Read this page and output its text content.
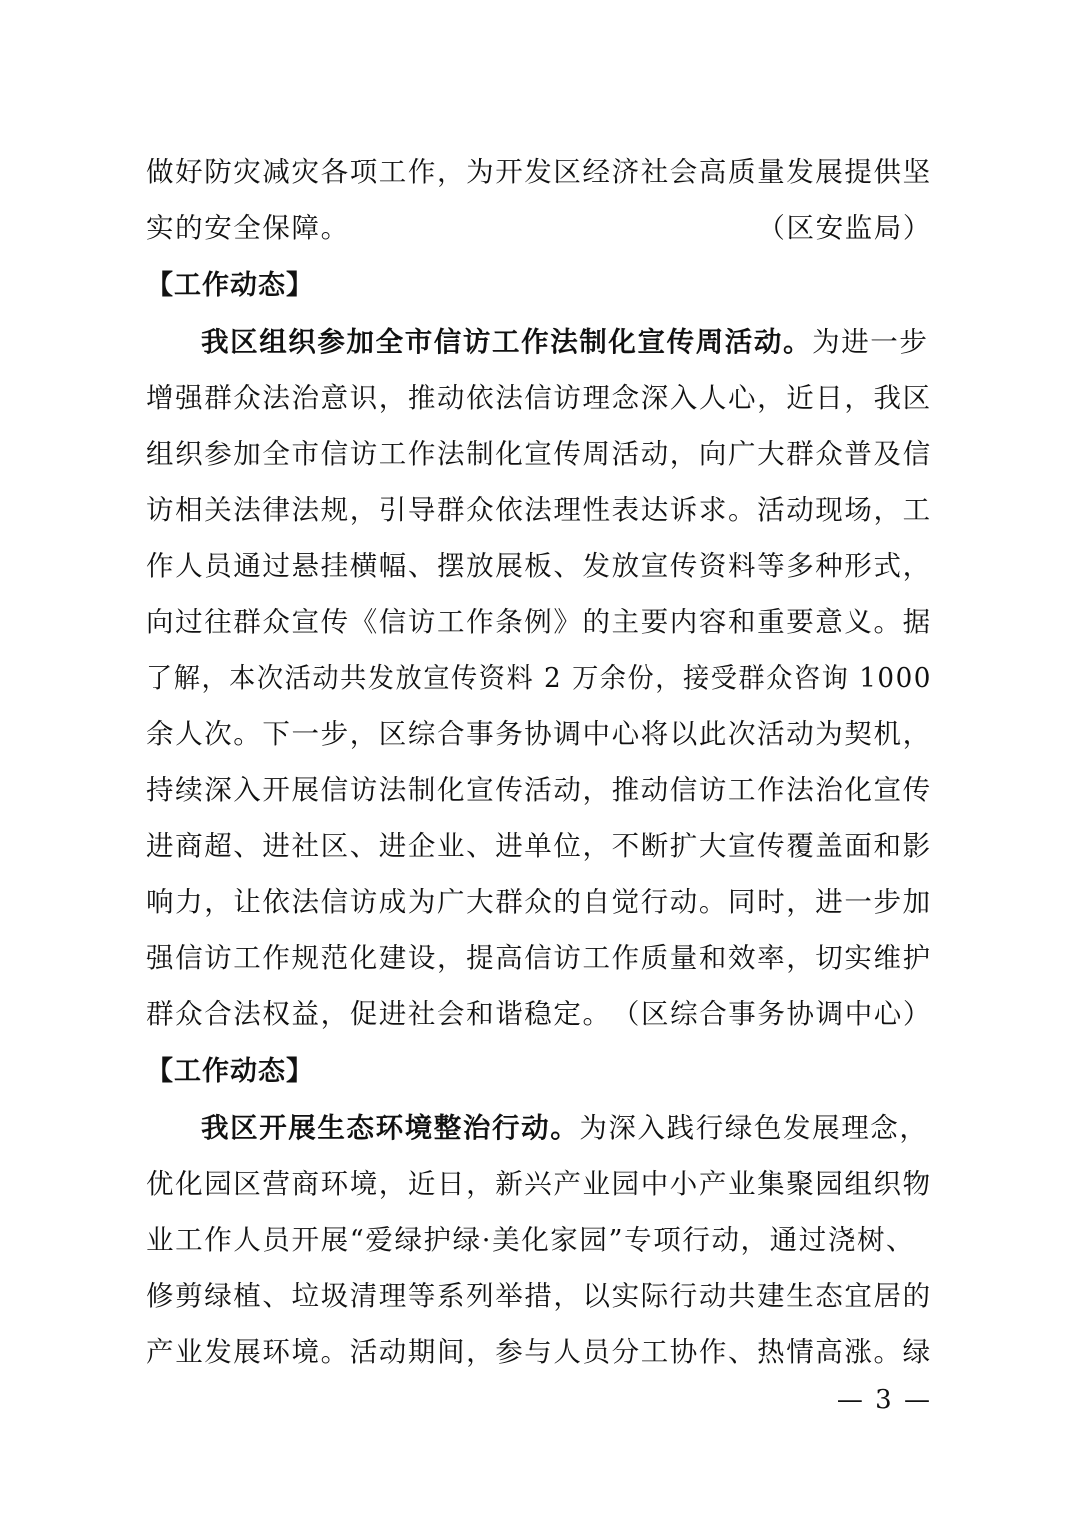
做好防灾减灾各项工作，为开发区经济社会高质量发展提供坚
实的安全保障。	（区安监局）
【工作动态】
我区组织参加全市信访工作法制化宣传周活动。为进一步
增强群众法治意识，推动依法信访理念深入人心，近日，我区
组织参加全市信访工作法制化宣传周活动，向广大群众普及信
访相关法律法规，引导群众依法理性表达诉求。活动现场，工
作人员通过悬挂横幅、摆放展板、发放宣传资料等多种形式，
向过往群众宣传《信访工作条例》的主要内容和重要意义。据
了解，本次活动共发放宣传资料 2 万余份，接受群众咨询 1000
余人次。下一步，区综合事务协调中心将以此次活动为契机，
持续深入开展信访法制化宣传活动，推动信访工作法治化宣传
进商超、进社区、进企业、进单位，不断扩大宣传覆盖面和影
响力，让依法信访成为广大群众的自觉行动。同时，进一步加
强信访工作规范化建设，提高信访工作质量和效率，切实维护
群众合法权益，促进社会和谐稳定。 （区综合事务协调中心）
【工作动态】
我区开展生态环境整治行动。为深入践行绿色发展理念，
优化园区营商环境，近日，新兴产业园中小产业集聚园组织物
业工作人员开展“爱绿护绿·美化家园”专项行动，通过浇树、
修剪绿植、垃圾清理等系列举措，以实际行动共建生态宜居的
产业发展环境。活动期间，参与人员分工协作、热情高涨。绿
— 3 —
